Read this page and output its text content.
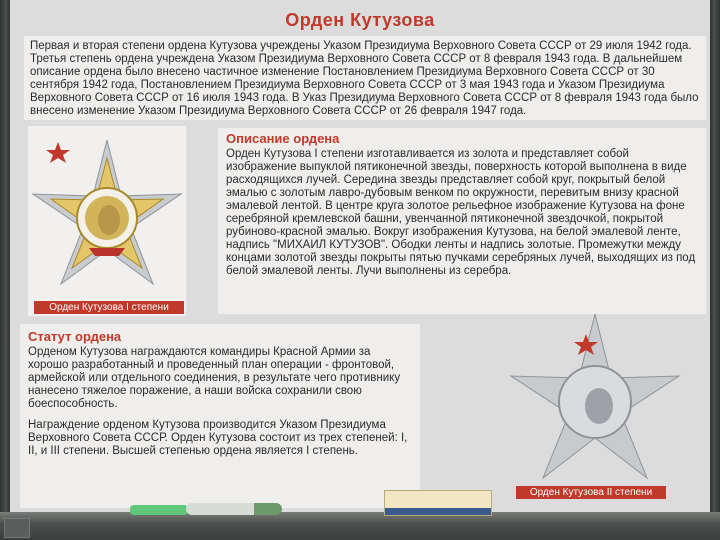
Орден Кутузова
Первая и вторая степени ордена Кутузова учреждены Указом Президиума Верховного Совета СССР от 29 июля 1942 года. Третья степень ордена учреждена Указом Президиума Верховного Совета СССР от 8 февраля 1943 года. В дальнейшем описание ордена было внесено частичное изменение Постановлением Президиума Верховного Совета СССР от 30 сентября 1942 года, Постановлением Президиума Верховного Совета СССР от 3 мая 1943 года и Указом Президиума Верховного Совета СССР от 16 июля 1943 года. В Указ Президиума Верховного Совета СССР от 8 февраля 1943 года было внесено изменение Указом Президиума Верховного Совета СССР от 26 февраля 1947 года.
Орден Кутузова I степени
Описание ордена
Орден Кутузова I степени изготавливается из золота и представляет собой изображение выпуклой пятиконечной звезды, поверхность которой выполнена в виде расходящихся лучей. Середина звезды представляет собой круг, покрытый белой эмалью с золотым лавро-дубовым венком по окружности, перевитым внизу красной эмалевой лентой. В центре круга золотое рельефное изображение Кутузова на фоне серебряной кремлевской башни, увенчанной пятиконечной звездочкой, покрытой рубиново-красной эмалью. Вокруг изображения Кутузова, на белой эмалевой ленте, надпись "МИХАИЛ КУТУЗОВ". Ободки ленты и надпись золотые. Промежутки между концами золотой звезды покрыты пятью пучками серебряных лучей, выходящих из под белой эмалевой ленты. Лучи выполнены из серебра.
Статут ордена
Орденом Кутузова награждаются командиры Красной Армии за хорошо разработанный и проведенный план операции - фронтовой, армейской или отдельного соединения, в результате чего противнику нанесено тяжелое поражение, а наши войска сохранили свою боеспособность.
Награждение орденом Кутузова производится Указом Президиума Верховного Совета СССР. Орден Кутузова состоит из трех степеней: I, II, и III степени. Высшей степенью ордена является I степень.
Орден Кутузова II степени
